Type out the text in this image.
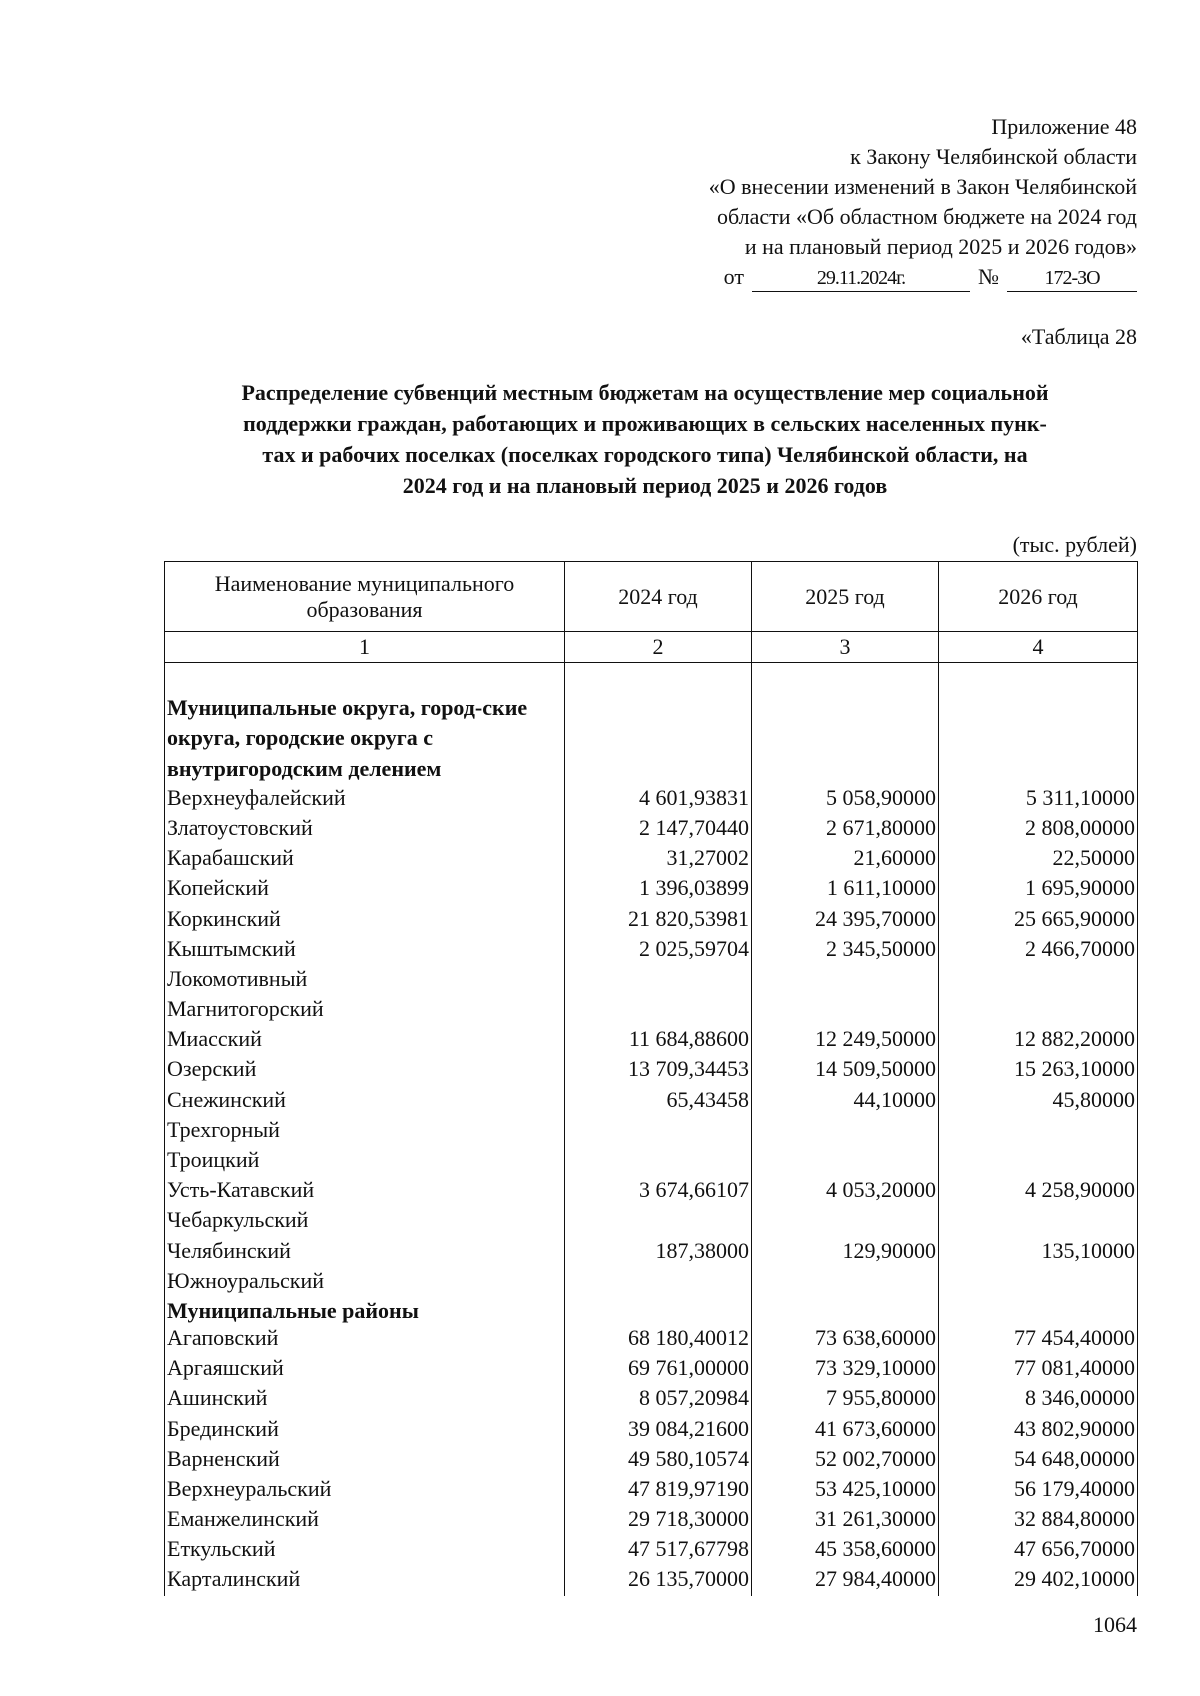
Приложение 48
к Закону Челябинской области
«О внесении изменений в Закон Челябинской
области «Об областном бюджете на 2024 год
и на плановый период 2025 и 2026 годов»
от	29.11.2024г.	№	172-ЗО
«Таблица 28
Распределение субвенций местным бюджетам на осуществление мер социальной
поддержки граждан, работающих и проживающих в сельских населенных пунк-
тах и рабочих поселках (поселках городского типа) Челябинской области, на
2024 год и на плановый период 2025 и 2026 годов
(тыс. рублей)
Наименование муниципального образования	2024 год	2025 год	2026 год
1	2	3	4

Муниципальные округа, город-ские округа, городские округа с внутригородским делением			
Верхнеуфалейский	4 601,93831	5 058,90000	5 311,10000
Златоустовский	2 147,70440	2 671,80000	2 808,00000
Карабашский	31,27002	21,60000	22,50000
Копейский	1 396,03899	1 611,10000	1 695,90000
Коркинский	21 820,53981	24 395,70000	25 665,90000
Кыштымский	2 025,59704	2 345,50000	2 466,70000
Локомотивный			
Магнитогорский			
Миасский	11 684,88600	12 249,50000	12 882,20000
Озерский	13 709,34453	14 509,50000	15 263,10000
Снежинский	65,43458	44,10000	45,80000
Трехгорный			
Троицкий			
Усть-Катавский	3 674,66107	4 053,20000	4 258,90000
Чебаркульский			
Челябинский	187,38000	129,90000	135,10000
Южноуральский			
Муниципальные районы			
Агаповский	68 180,40012	73 638,60000	77 454,40000
Аргаяшский	69 761,00000	73 329,10000	77 081,40000
Ашинский	8 057,20984	7 955,80000	8 346,00000
Брединский	39 084,21600	41 673,60000	43 802,90000
Варненский	49 580,10574	52 002,70000	54 648,00000
Верхнеуральский	47 819,97190	53 425,10000	56 179,40000
Еманжелинский	29 718,30000	31 261,30000	32 884,80000
Еткульский	47 517,67798	45 358,60000	47 656,70000
Карталинский	26 135,70000	27 984,40000	29 402,10000
1064
